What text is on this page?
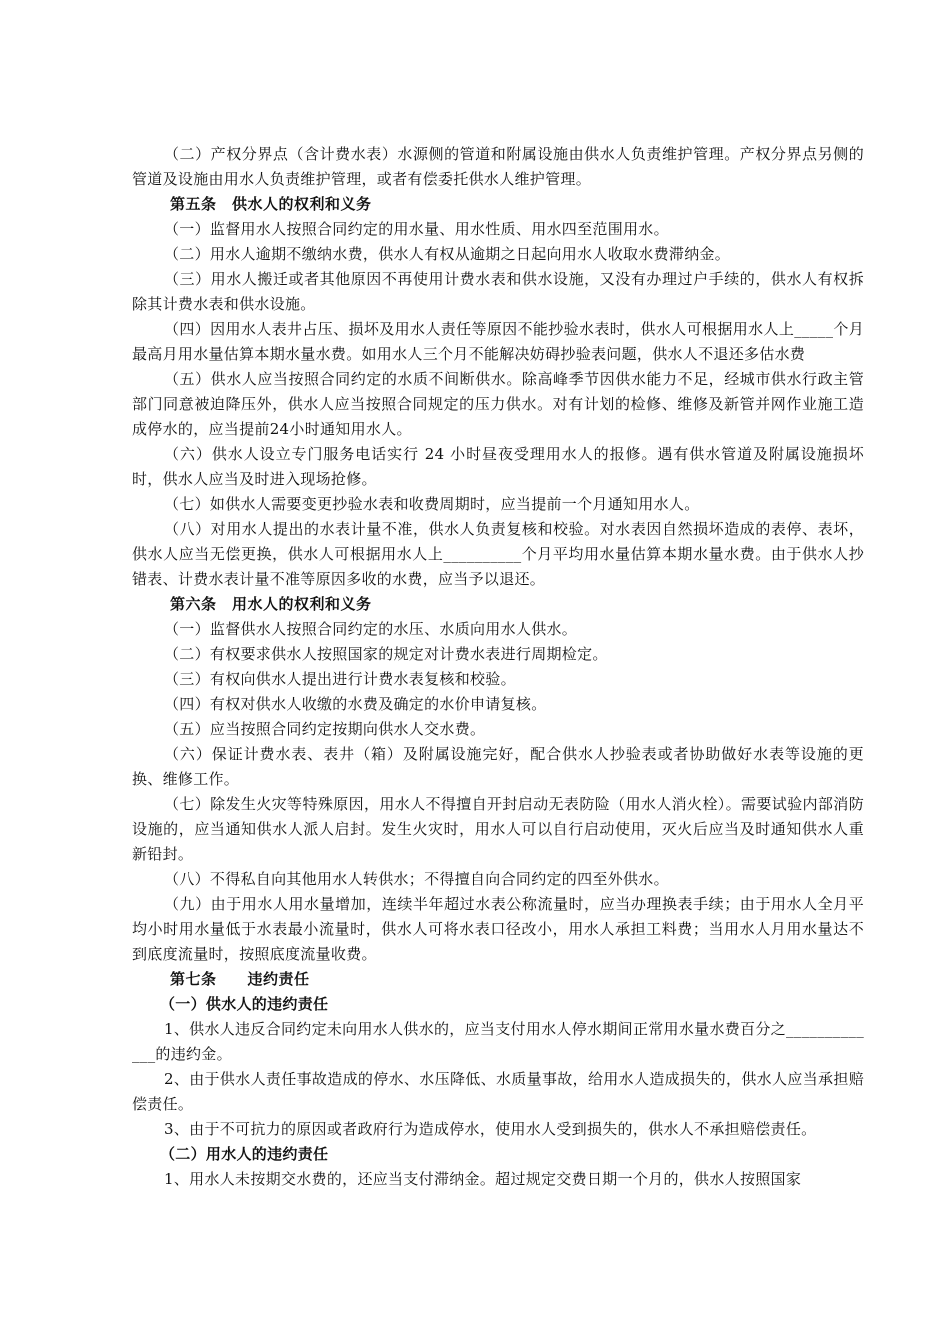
（二）产权分界点（含计费水表）水源侧的管道和附属设施由供水人负责维护管理。产权分界点另侧的管道及设施由用水人负责维护管理，或者有偿委托供水人维护管理。

第五条　供水人的权利和义务

（一）监督用水人按照合同约定的用水量、用水性质、用水四至范围用水。

（二）用水人逾期不缴纳水费，供水人有权从逾期之日起向用水人收取水费滞纳金。

（三）用水人搬迁或者其他原因不再使用计费水表和供水设施，又没有办理过户手续的，供水人有权拆除其计费水表和供水设施。

（四）因用水人表井占压、损坏及用水人责任等原因不能抄验水表时，供水人可根据用水人上_____个月最高月用水量估算本期水量水费。如用水人三个月不能解决妨碍抄验表问题，供水人不退还多估水费

（五）供水人应当按照合同约定的水质不间断供水。除高峰季节因供水能力不足，经城市供水行政主管部门同意被迫降压外，供水人应当按照合同规定的压力供水。对有计划的检修、维修及新管并网作业施工造成停水的，应当提前24小时通知用水人。

（六）供水人设立专门服务电话实行 24 小时昼夜受理用水人的报修。遇有供水管道及附属设施损坏时，供水人应当及时进入现场抢修。

（七）如供水人需要变更抄验水表和收费周期时，应当提前一个月通知用水人。

（八）对用水人提出的水表计量不准，供水人负责复核和校验。对水表因自然损坏造成的表停、表坏，供水人应当无偿更换，供水人可根据用水人上__________个月平均用水量估算本期水量水费。由于供水人抄错表、计费水表计量不准等原因多收的水费，应当予以退还。

第六条　用水人的权利和义务

（一）监督供水人按照合同约定的水压、水质向用水人供水。

（二）有权要求供水人按照国家的规定对计费水表进行周期检定。

（三）有权向供水人提出进行计费水表复核和校验。

（四）有权对供水人收缴的水费及确定的水价申请复核。

（五）应当按照合同约定按期向供水人交水费。

（六）保证计费水表、表井（箱）及附属设施完好，配合供水人抄验表或者协助做好水表等设施的更换、维修工作。

（七）除发生火灾等特殊原因，用水人不得擅自开封启动无表防险（用水人消火栓）。需要试验内部消防设施的，应当通知供水人派人启封。发生火灾时，用水人可以自行启动使用，灭火后应当及时通知供水人重新铅封。

（八）不得私自向其他用水人转供水；不得擅自向合同约定的四至外供水。

（九）由于用水人用水量增加，连续半年超过水表公称流量时，应当办理换表手续；由于用水人全月平均小时用水量低于水表最小流量时，供水人可将水表口径改小，用水人承担工料费；当用水人月用水量达不到底度流量时，按照底度流量收费。

第七条　　违约责任

（一）供水人的违约责任

1、供水人违反合同约定未向用水人供水的，应当支付用水人停水期间正常用水量水费百分之_____________的违约金。

2、由于供水人责任事故造成的停水、水压降低、水质量事故，给用水人造成损失的，供水人应当承担赔偿责任。

3、由于不可抗力的原因或者政府行为造成停水，使用水人受到损失的，供水人不承担赔偿责任。

（二）用水人的违约责任

1、用水人未按期交水费的，还应当支付滞纳金。超过规定交费日期一个月的，供水人按照国家
